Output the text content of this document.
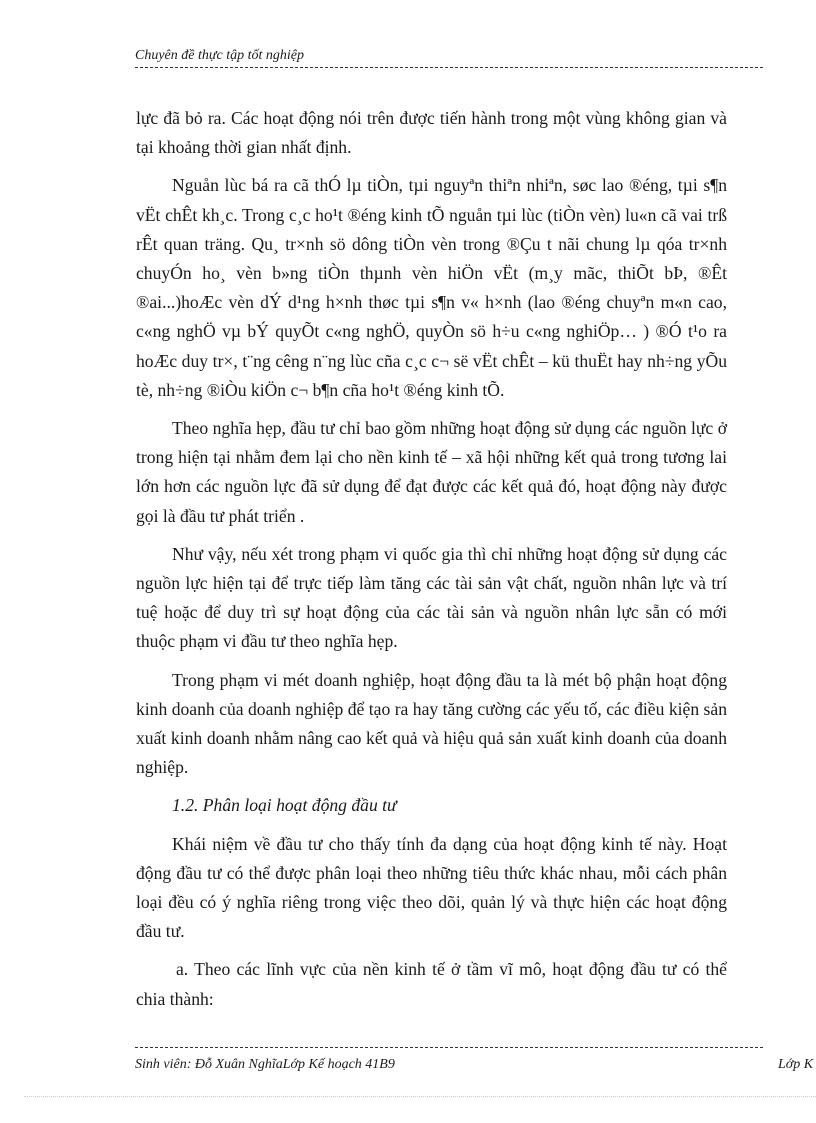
Chuyên đề thực tập tốt nghiệp

lực đã bỏ ra. Các hoạt động nói trên được tiến hành trong một vùng không gian và tại khoảng thời gian nhất định.

Nguån lùc bá ra cã thÓ lµ tiÒn, tµi nguyªn thiªn nhiªn, søc lao ®éng, tµi s¶n vËt chÊt kh¸c. Trong c¸c ho¹t ®éng kinh tÕ nguån tµi lùc (tiÒn vèn) lu«n cã vai trß rÊt quan träng. Qu¸ tr×nh sö dông tiÒn vèn trong ®Çu t nãi chung lµ qóa tr×nh chuyÓn ho¸ vèn b»ng tiÒn thµnh vèn hiÖn vËt (m¸y mãc, thiÕt bÞ, ®Êt ®ai...)hoÆc vèn dÝ d¹ng h×nh thøc tµi s¶n v« h×nh (lao ®éng chuyªn m«n cao, c«ng nghÖ vµ bÝ quyÕt c«ng nghÖ, quyÒn sö h÷u c«ng nghiÖp… ) ®Ó t¹o ra hoÆc duy tr×, t¨ng cêng n¨ng lùc cña c¸c c¬ së vËt chÊt – kü thuËt hay nh÷ng yÕu tè, nh÷ng ®iÒu kiÖn c¬ b¶n cña ho¹t ®éng kinh tÕ.

Theo nghĩa hẹp, đầu tư chỉ bao gồm những hoạt động sử dụng các nguồn lực ở trong hiện tại nhằm đem lại cho nền kinh tế – xã hội những kết quả trong tương lai lớn hơn các nguồn lực đã sử dụng để đạt được các kết quả đó, hoạt động này được gọi là đầu tư phát triển .

Như vậy, nếu xét trong phạm vi quốc gia thì chỉ những hoạt động sử dụng các nguồn lực hiện tại để trực tiếp làm tăng các tài sản vật chất, nguồn nhân lực và trí tuệ hoặc để duy trì sự hoạt động của các tài sản và nguồn nhân lực sẵn có mới thuộc phạm vi đầu tư theo nghĩa hẹp.

Trong phạm vi mét doanh nghiệp, hoạt động đầu ta là mét bộ phận hoạt động kinh doanh của doanh nghiệp để tạo ra hay tăng cường các yếu tố, các điều kiện sản xuất kinh doanh nhằm nâng cao kết quả và hiệu quả sản xuất kinh doanh của doanh nghiệp.

1.2. Phân loại hoạt động đầu tư

Khái niệm về đầu tư cho thấy tính đa dạng của hoạt động kinh tế này. Hoạt động đầu tư có thể được phân loại theo những tiêu thức khác nhau, mỗi cách phân loại đều có ý nghĩa riêng trong việc theo dõi, quản lý và thực hiện các hoạt động đầu tư.

a. Theo các lĩnh vực của nền kinh tế ở tầm vĩ mô, hoạt động đầu tư có thể chia thành:

Sinh viên: Đỗ Xuân NghĩaLớp Kế hoạch 41B9	Lớp K
